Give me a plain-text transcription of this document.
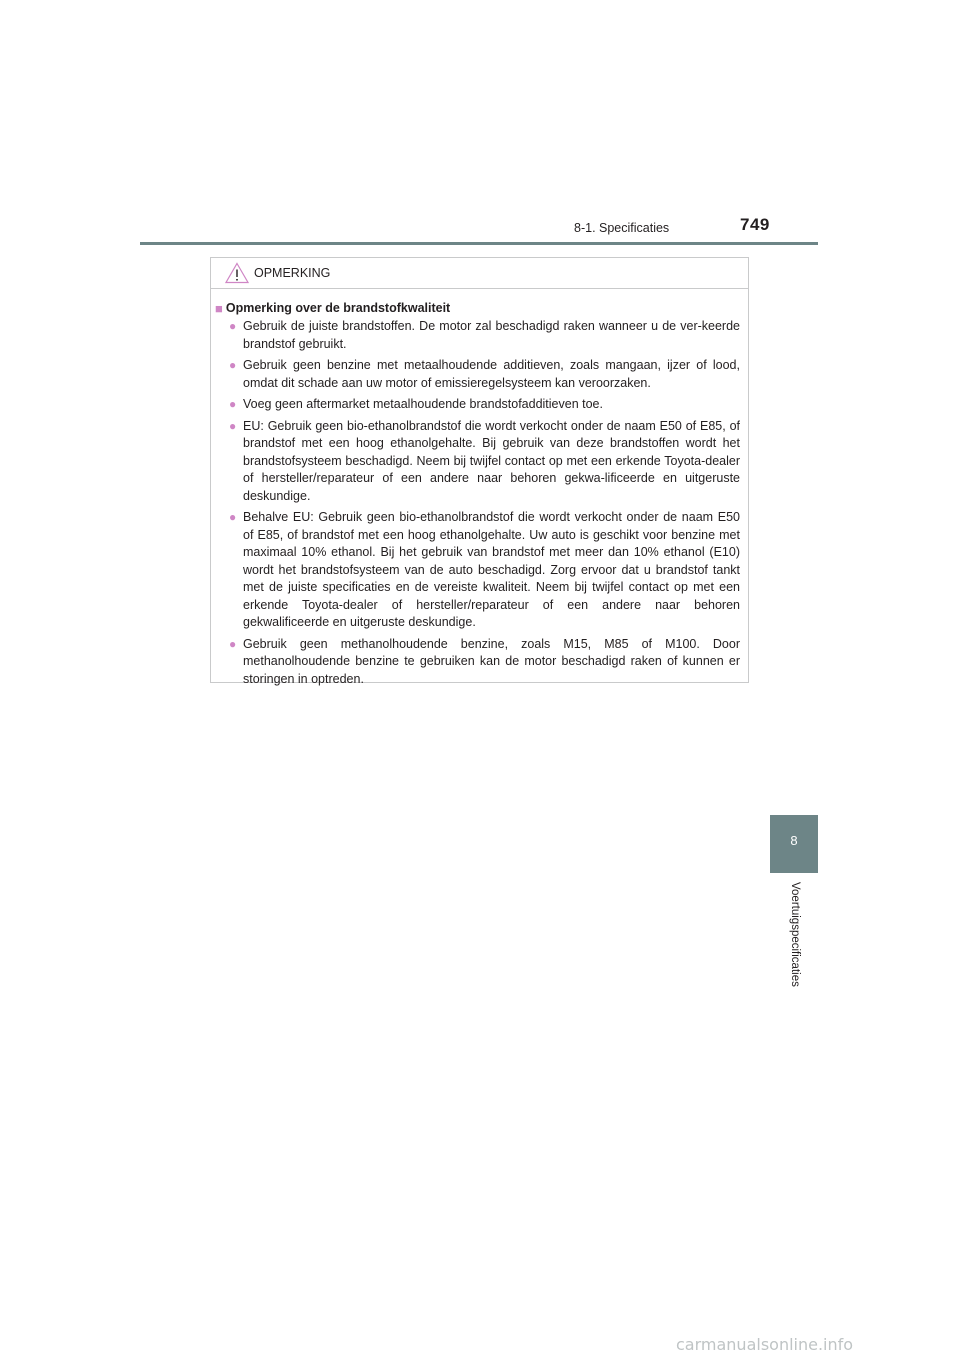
8-1. Specificaties	749
OPMERKING
■ Opmerking over de brandstofkwaliteit
● Gebruik de juiste brandstoffen. De motor zal beschadigd raken wanneer u de ver-keerde brandstof gebruikt.
● Gebruik geen benzine met metaalhoudende additieven, zoals mangaan, ijzer of lood, omdat dit schade aan uw motor of emissieregelsysteem kan veroorzaken.
● Voeg geen aftermarket metaalhoudende brandstofadditieven toe.
● EU: Gebruik geen bio-ethanolbrandstof die wordt verkocht onder de naam E50 of E85, of brandstof met een hoog ethanolgehalte. Bij gebruik van deze brandstoffen wordt het brandstofsysteem beschadigd. Neem bij twijfel contact op met een erkende Toyota-dealer of hersteller/reparateur of een andere naar behoren gekwa-lificeerde en uitgeruste deskundige.
● Behalve EU: Gebruik geen bio-ethanolbrandstof die wordt verkocht onder de naam E50 of E85, of brandstof met een hoog ethanolgehalte. Uw auto is geschikt voor benzine met maximaal 10% ethanol. Bij het gebruik van brandstof met meer dan 10% ethanol (E10) wordt het brandstofsysteem van de auto beschadigd. Zorg ervoor dat u brandstof tankt met de juiste specificaties en de vereiste kwaliteit. Neem bij twijfel contact op met een erkende Toyota-dealer of hersteller/reparateur of een andere naar behoren gekwalificeerde en uitgeruste deskundige.
● Gebruik geen methanolhoudende benzine, zoals M15, M85 of M100. Door methanolhoudende benzine te gebruiken kan de motor beschadigd raken of kunnen er storingen in optreden.
8
Voertuigspecificaties
carmanualsonline.info
